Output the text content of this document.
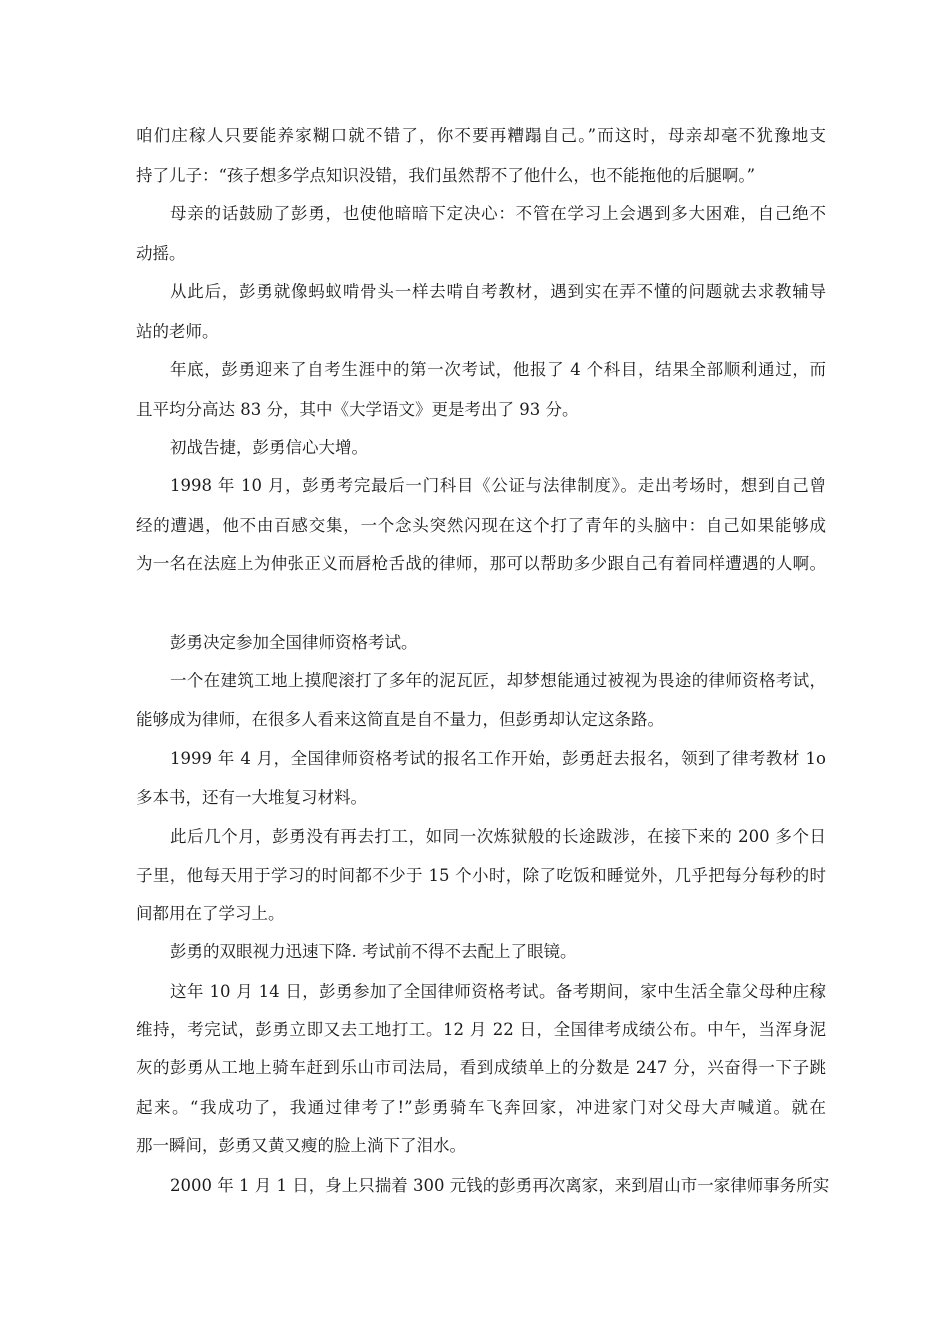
咱们庄稼人只要能养家糊口就不错了，你不要再糟蹋自己。”而这时，母亲却毫不犹豫地支
持了儿子：“孩子想多学点知识没错，我们虽然帮不了他什么，也不能拖他的后腿啊。”
母亲的话鼓励了彭勇，也使他暗暗下定决心：不管在学习上会遇到多大困难，自己绝不
动摇。
从此后，彭勇就像蚂蚁啃骨头一样去啃自考教材，遇到实在弄不懂的问题就去求教辅导
站的老师。
年底，彭勇迎来了自考生涯中的第一次考试，他报了 4 个科目，结果全部顺利通过，而
且平均分高达 83 分，其中《大学语文》更是考出了 93 分。
初战告捷，彭勇信心大增。
1998 年 10 月，彭勇考完最后一门科目《公证与法律制度》。走出考场时，想到自己曾
经的遭遇，他不由百感交集，一个念头突然闪现在这个打了青年的头脑中：自己如果能够成
为一名在法庭上为伸张正义而唇枪舌战的律师，那可以帮助多少跟自己有着同样遭遇的人啊。
彭勇决定参加全国律师资格考试。
一个在建筑工地上摸爬滚打了多年的泥瓦匠，却梦想能通过被视为畏途的律师资格考试，
能够成为律师，在很多人看来这简直是自不量力，但彭勇却认定这条路。
1999 年 4 月，全国律师资格考试的报名工作开始，彭勇赶去报名，领到了律考教材 1o
多本书，还有一大堆复习材料。
此后几个月，彭勇没有再去打工，如同一次炼狱般的长途跋涉，在接下来的 200 多个日
子里，他每天用于学习的时间都不少于 15 个小时，除了吃饭和睡觉外，几乎把每分每秒的时
间都用在了学习上。
彭勇的双眼视力迅速下降. 考试前不得不去配上了眼镜。
这年 10 月 14 日，彭勇参加了全国律师资格考试。备考期间，家中生活全靠父母种庄稼
维持，考完试，彭勇立即又去工地打工。12 月 22 日，全国律考成绩公布。中午，当浑身泥
灰的彭勇从工地上骑车赶到乐山市司法局，看到成绩单上的分数是 247 分，兴奋得一下子跳
起来。“我成功了，我通过律考了!”彭勇骑车飞奔回家，冲进家门对父母大声喊道。就在
那一瞬间，彭勇又黄又瘦的脸上淌下了泪水。
2000 年 1 月 1 日，身上只揣着 300 元钱的彭勇再次离家，来到眉山市一家律师事务所实
